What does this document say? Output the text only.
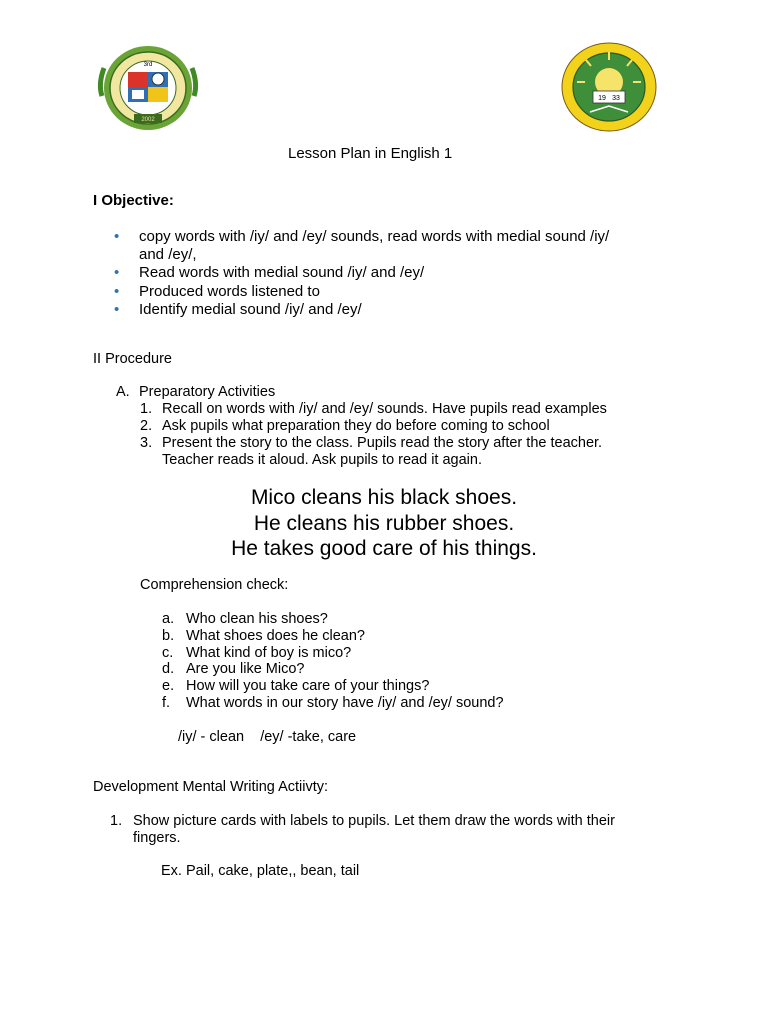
3rd
2002
19 33
Lesson Plan in English 1
I Objective:
• copy words with /iy/ and /ey/ sounds, read words with medial sound /iy/
and /ey/,
• Read words with medial sound /iy/ and /ey/
• Produced words listened to
• Identify medial sound /iy/ and /ey/
II Procedure
A. Preparatory Activities
1. Recall on words with /iy/ and /ey/ sounds. Have pupils read examples
2. Ask pupils what preparation they do before coming to school
3. Present the story to the class. Pupils read the story after the teacher.
Teacher reads it aloud. Ask pupils to read it again.
Mico cleans his black shoes.
He cleans his rubber shoes.
He takes good care of his things.
Comprehension check:
a. Who clean his shoes?
b. What shoes does he clean?
c. What kind of boy is mico?
d. Are you like Mico?
e. How will you take care of your things?
f. What words in our story have /iy/ and /ey/ sound?
/iy/ - clean    /ey/ -take, care
Development Mental Writing Actiivty:
1. Show picture cards with labels to pupils. Let them draw the words with their
fingers.
Ex. Pail, cake, plate,, bean, tail
